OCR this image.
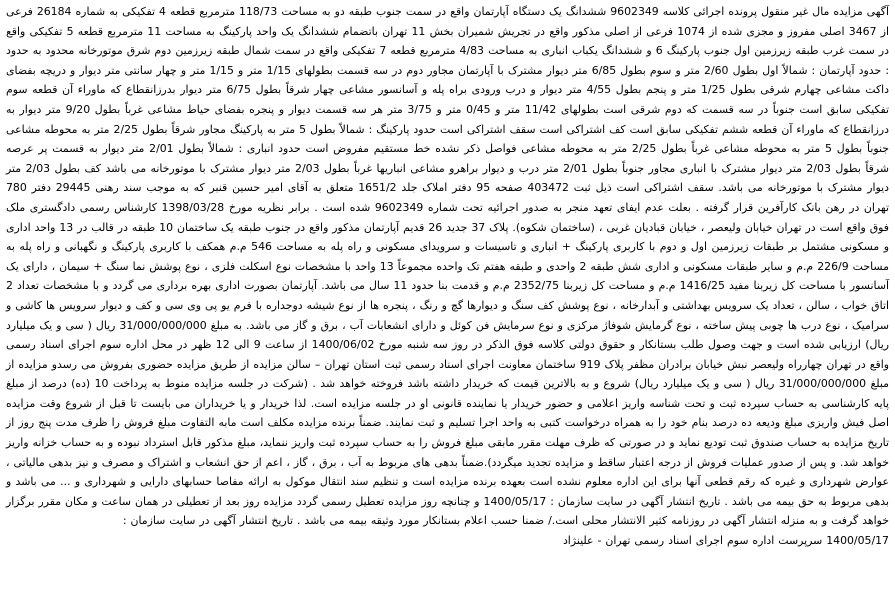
آگهی مزایده مال غیر منقول پرونده اجرائی کلاسه 9602349 ششدانگ یک دستگاه آپارتمان واقع در سمت جنوب طبقه دو به مساحت 118/73 مترمربع قطعه 4 تفکیکی به شماره 26184 فرعی از 3467 اصلی مفروز و مجزی شده از 1074 فرعی از اصلی مذکور واقع در تجریش شمیران بخش 11 تهران باتضمام ششدانگ یک واحد پارکینگ به مساحت 11 مترمربع قطعه 5 تفکیکی واقع در سمت غرب طبقه زیرزمین اول جنوب پارکینگ 6 و ششدانگ یکباب انباری به مساحت 4/83 مترمربع قطعه 7 تفکیکی واقع در سمت شمال طبقه زیرزمین دوم شرق موتورخانه محدود به حدود : حدود آپارتمان : شمالاً اول بطول 2/60 متر و سوم بطول 6/85 متر دیوار مشترک با آپارتمان مجاور دوم در سه قسمت بطولهای 1/15 متر و 1/15 متر و چهار سانتی متر دیوار و دریچه بفضای داکت مشاعی چهارم شرقی بطول 1/25 متر و پنجم بطول 4/55 متر دیوار و درب ورودی براه پله و آسانسور مشاعی چهار شرقاً بطول 6/75 متر دیوار بدرزانقطاع که ماوراء آن قطعه سوم تفکیکی سابق است جنوباً در سه قسمت که دوم شرقی است بطولهای 11/42 متر و 0/45 متر و 3/75 متر هر سه قسمت دیوار و پنجره بفضای حیاط مشاعی غرباً بطول 9/20 متر دیوار به درزانقطاع که ماوراء آن قطعه ششم تفکیکی سابق است کف اشتراکی است سقف اشتراکی است حدود پارکینگ : شمالاً بطول 5 متر به پارکینگ مجاور شرقاً بطول 2/25 متر به محوطه مشاعی جنوباً بطول 5 متر به محوطه مشاعی غرباً بطول 2/25 متر به محوطه مشاعی فواصل ذکر نشده خط مستقیم مفروض است حدود انباری : شمالاً بطول 2/01 متر دیوار به قسمت پر عرصه شرقاً بطول 2/03 متر دیوار مشترک با انباری مجاور جنوباً بطول 2/01 متر درب و دیوار براهرو مشاعی انباریها غرباً بطول 2/03 متر دیوار مشترک با موتورخانه می باشد کف بطول 2/03 متر دیوار مشترک با موتورخانه می باشد. سقف اشتراکی است ذیل ثبت 403472 صفحه 95 دفتر املاک جلد 1651/2 متعلق به آقای امیر حسین قنبر که به موجب سند رهنی 29445 دفتر 780 تهران در رهن بانک کارآفرین قرار گرفته . بعلت عدم ایفای تعهد منجر به صدور اجرائیه تحت شماره 9602349 شده است . برابر نظریه مورخ 1398/03/28 کارشناس رسمی دادگستری ملک فوق واقع است در تهران خیابان ولیعصر ، خیابان قبادیان غربی ، (ساختمان شکوه). پلاک 37 جدید 26 قدیم آپارتمان مذکور واقع در جنوب طبقه یک ساختمان 10 طبقه در قالب در 13 واحد اداری و مسکونی مشتمل بر طبقات زیرزمین اول و دوم با کاربری پارکینگ + انباری و تاسیسات و سرویدای مسکونی و راه پله به مساحت 546 م.م همکف با کاربری پارکینگ و نگهبانی و راه پله به مساحت 226/9 م.م و سایر طبقات مسکونی و اداری شش طبقه 2 واحدی و طبقه هفتم تک واحده مجموعاً 13 واحد با مشخصات نوع اسکلت فلزی ، نوع پوشش نما سنگ + سیمان ، دارای یک آسانسور با مساحت کل زیربنا مفید 1416/25 م.م و مساحت کل زیربنا 2352/75 م.م و قدمت بنا حدود 11 سال می باشد. آپارتمان بصورت اداری بهره برداری می گردد و با مشخصات تعداد 2 اتاق خواب ، سالن ، تعداد یک سرویس بهداشتی و آبدارخانه ، نوع پوشش کف سنگ و دیوارها گچ و رنگ ، پنجره ها از نوع شیشه دوجداره با فرم یو پی وی سی و کف و دیوار سرویس ها کاشی و سرامیک ، نوع درب ها چوبی پیش ساخته ، نوع گرمایش شوفاژ مرکزی و نوع سرمایش فن کوئل و دارای انشعابات آب ، برق و گاز می باشد. به مبلغ 31/000/000/000 ریال ( سی و یک میلیارد ریال) ارزیابی شده است و جهت وصول طلب بستانکار و حقوق دولتی کلاسه فوق الذکر در روز سه شنبه مورخ 1400/06/02 از ساعت 9 الی 12 ظهر در محل اداره سوم اجرای اسناد رسمی واقع در تهران چهارراه ولیعصر نبش خیابان برادران مظفر پلاک 919 ساختمان معاونت اجرای اسناد رسمی ثبت استان تهران – سالن مزایده از طریق مزایده حضوری بفروش می رسدو مزایده از مبلغ 31/000/000/000 ریال ( سی و یک میلیارد ریال) شروع و به بالاترین قیمت که خریدار داشته باشد فروخته خواهد شد . (شرکت در جلسه مزایده منوط به پرداخت 10 (ده) درصد از مبلغ پایه کارشناسی به حساب سپرده ثبت و تحت شناسه واریز اعلامی و حضور خریدار یا نماینده قانونی او در جلسه مزایده است. لذا خریدار و یا خریداران می بایست تا قبل از شروع وقت مزایده اصل فیش واریزی مبلغ ودیعه ده درصد بنام خود را به همراه درخواست کتبی به واحد اجرا تسلیم و ثبت نمایند. ضمناً برنده مزایده مکلف است مابه التفاوت مبلغ فروش را ظرف مدت پنج روز از تاریخ مزایده به حساب صندوق ثبت تودیع نماید و در صورتی که ظرف مهلت مقرر مابقی مبلغ فروش را به حساب سپرده ثبت واریز ننماید، مبلغ مذکور قابل استرداد نبوده و به حساب خزانه واریز خواهد شد. و پس از صدور عملیات فروش از درجه اعتبار ساقط و مزایده تجدید میگردد).ضمناً بدهی های مربوط به آب ، برق ، گاز ، اعم از حق انشعاب و اشتراک و مصرف و نیز بدهی مالیاتی ، عوارض شهرداری و غیره که رقم قطعی آنها برای این اداره معلوم نشده است بعهده برنده مزایده است و تنظیم سند انتقال موکول به ارائه مفاصا حسابهای دارایی و شهرداری و ... می باشد و بدهی مربوط به حق بیمه می باشد . تاریخ انتشار آگهی در سایت سازمان : 1400/05/17 و چنانچه روز مزایده تعطیل رسمی گردد مزایده روز بعد از تعطیلی در همان ساعت و مکان مقرر برگزار خواهد گرفت و به منزله انتشار آگهی در روزنامه کثیر الانتشار محلی است./ ضمنا حسب اعلام بستانکار مورد وثیقه بیمه می باشد . تاریخ انتشار آگهی در سایت سازمان :

1400/05/17 سرپرست اداره سوم اجرای اسناد رسمی تهران - علینژاد
